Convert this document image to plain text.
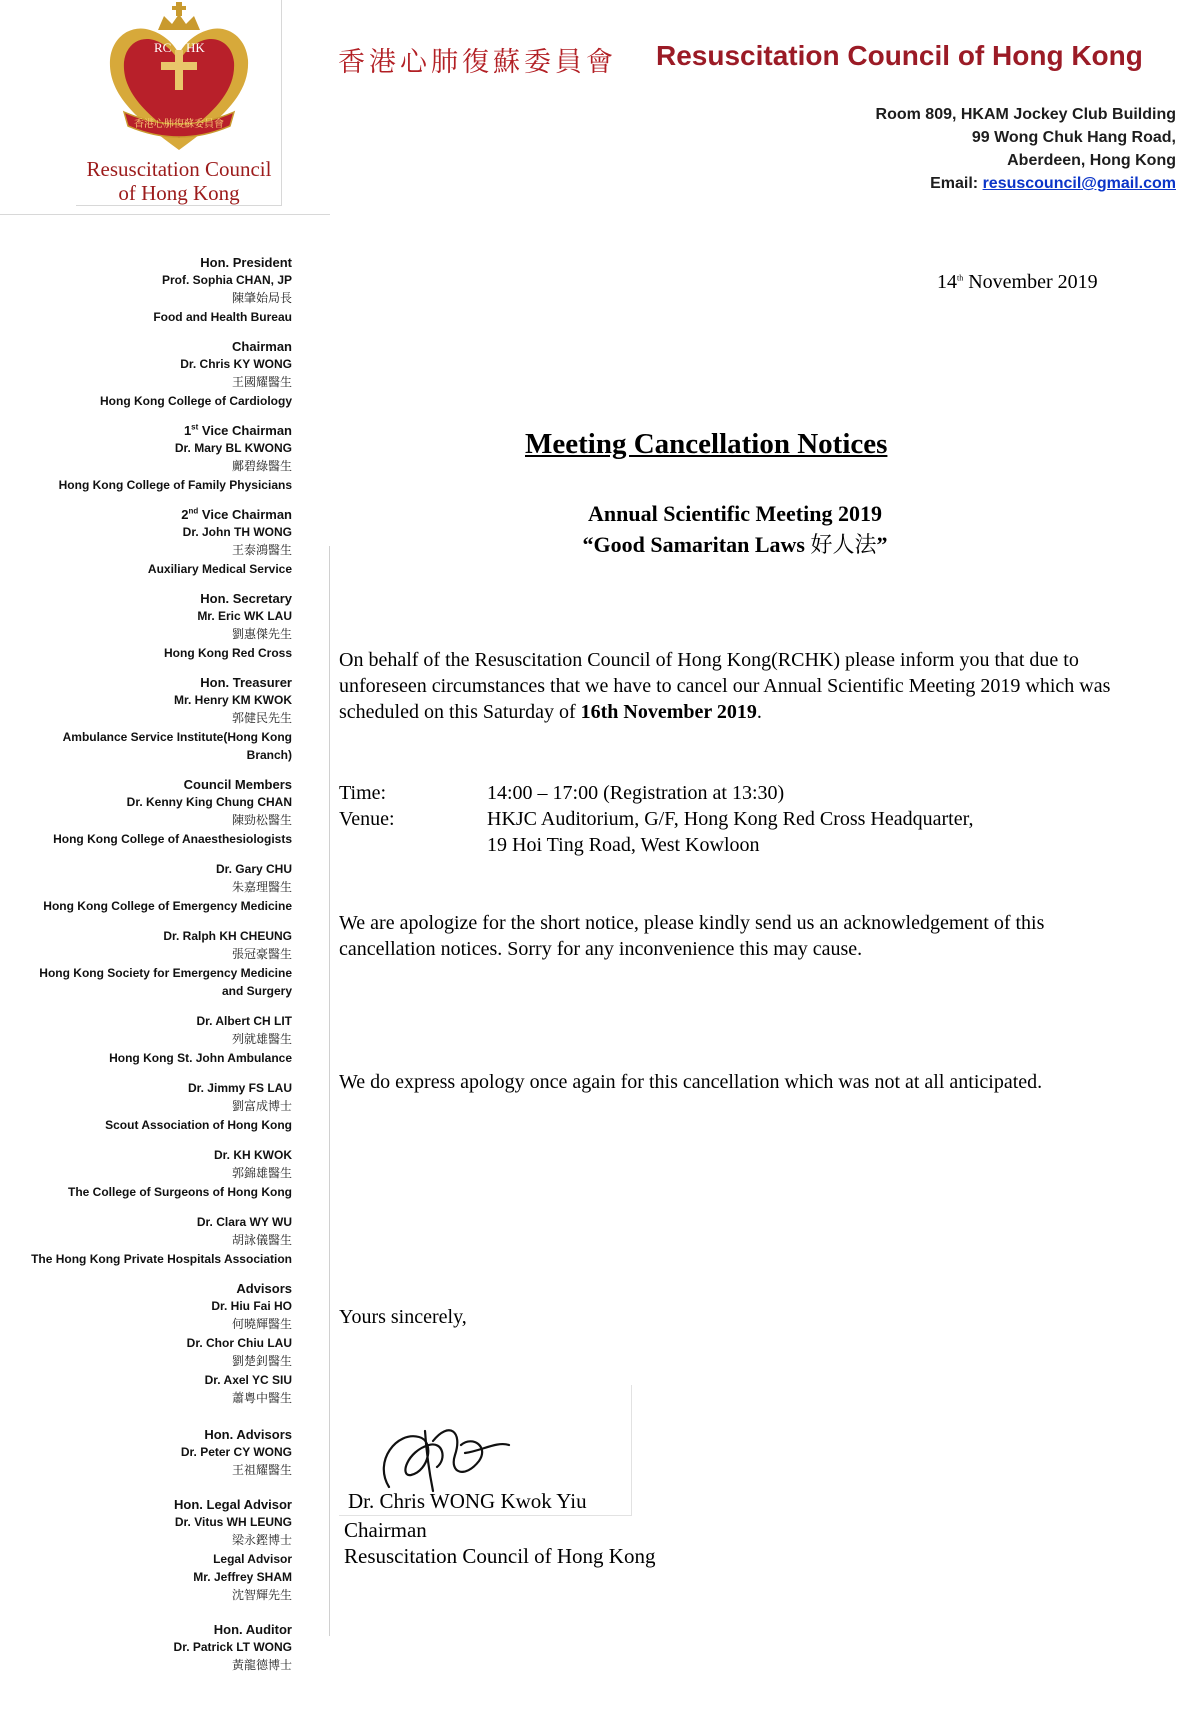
RC HK
香港心肺復蘇委員會
Resuscitation Council
of Hong Kong
香港心肺復蘇委員會 Resuscitation Council of Hong Kong
Room 809, HKAM Jockey Club Building
99 Wong Chuk Hang Road,
Aberdeen, Hong Kong
Email: resuscouncil@gmail.com
Hon. President
Prof. Sophia CHAN, JP
陳肇始局長
Food and Health Bureau
Chairman
Dr. Chris KY WONG
王國耀醫生
Hong Kong College of Cardiology
1st Vice Chairman
Dr. Mary BL KWONG
鄺碧綠醫生
Hong Kong College of Family Physicians
2nd Vice Chairman
Dr. John TH WONG
王泰鴻醫生
Auxiliary Medical Service
Hon. Secretary
Mr. Eric WK LAU
劉惠傑先生
Hong Kong Red Cross
Hon. Treasurer
Mr. Henry KM KWOK
郭健民先生
Ambulance Service Institute(Hong Kong
Branch)
Council Members
Dr. Kenny King Chung CHAN
陳勁松醫生
Hong Kong College of Anaesthesiologists
Dr. Gary CHU
朱嘉理醫生
Hong Kong College of Emergency Medicine
Dr. Ralph KH CHEUNG
張冠豪醫生
Hong Kong Society for Emergency Medicine
and Surgery
Dr. Albert CH LIT
列就雄醫生
Hong Kong St. John Ambulance
Dr. Jimmy FS LAU
劉富成博士
Scout Association of Hong Kong
Dr. KH KWOK
郭錦雄醫生
The College of Surgeons of Hong Kong
Dr. Clara WY WU
胡詠儀醫生
The Hong Kong Private Hospitals Association
Advisors
Dr. Hiu Fai HO
何曉輝醫生
Dr. Chor Chiu LAU
劉楚釗醫生
Dr. Axel YC SIU
蕭粵中醫生
Hon. Advisors
Dr. Peter CY WONG
王祖耀醫生
Hon. Legal Advisor
Dr. Vitus WH LEUNG
梁永鏗博士
Legal Advisor
Mr. Jeffrey SHAM
沈智輝先生
Hon. Auditor
Dr. Patrick LT WONG
黃龍德博士
14th November 2019
Meeting Cancellation Notices
Annual Scientific Meeting 2019
“Good Samaritan Laws 好人法”
On behalf of the Resuscitation Council of Hong Kong(RCHK) please inform you that due to unforeseen circumstances that we have to cancel our Annual Scientific Meeting 2019 which was scheduled on this Saturday of 16th November 2019.
Time:	14:00 – 17:00 (Registration at 13:30)
Venue:	HKJC Auditorium, G/F, Hong Kong Red Cross Headquarter,
19 Hoi Ting Road, West Kowloon
We are apologize for the short notice, please kindly send us an acknowledgement of this cancellation notices. Sorry for any inconvenience this may cause.
We do express apology once again for this cancellation which was not at all anticipated.
Yours sincerely,
Dr. Chris WONG Kwok Yiu
Chairman
Resuscitation Council of Hong Kong
